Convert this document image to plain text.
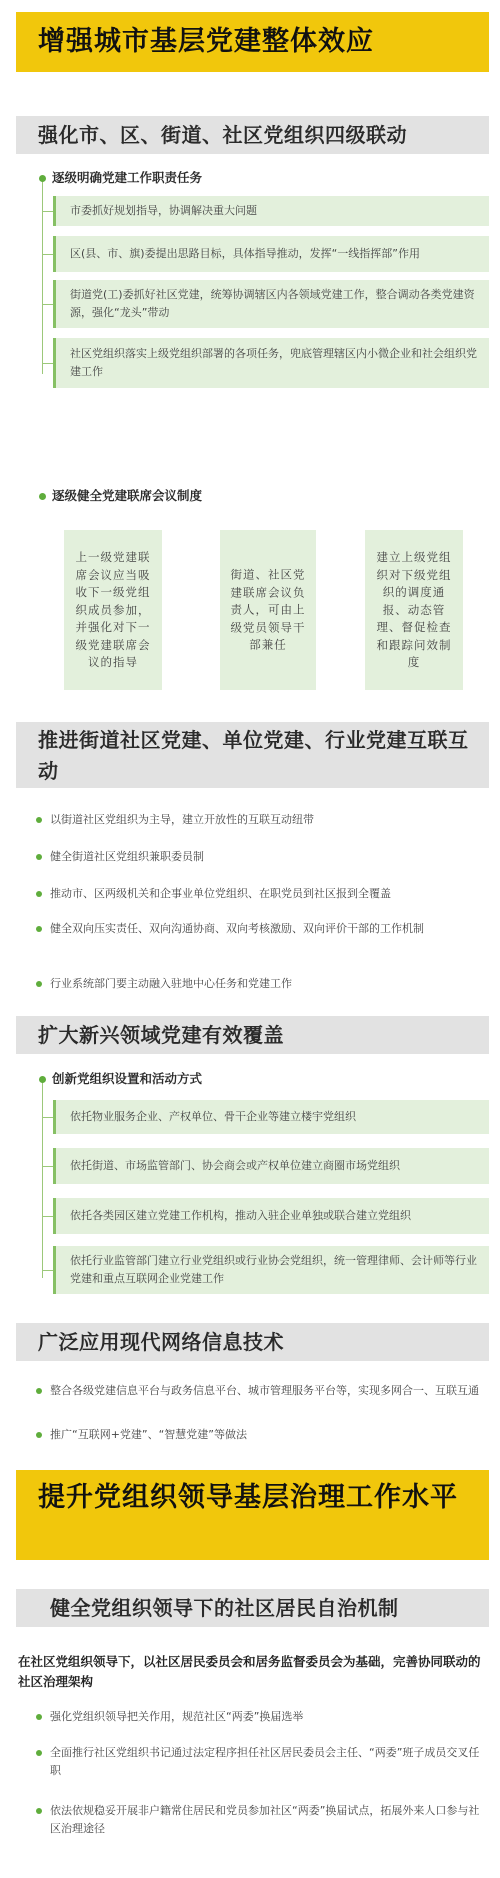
增强城市基层党建整体效应
强化市、区、街道、社区党组织四级联动
逐级明确党建工作职责任务
市委抓好规划指导，协调解决重大问题
区(县、市、旗)委提出思路目标，具体指导推动，发挥“一线指挥部”作用
街道党(工)委抓好社区党建，统筹协调辖区内各领域党建工作，整合调动各类党建资源，强化“龙头”带动
社区党组织落实上级党组织部署的各项任务，兜底管理辖区内小微企业和社会组织党建工作
逐级健全党建联席会议制度
上一级党建联席会议应当吸收下一级党组织成员参加，并强化对下一级党建联席会议的指导
街道、社区党建联席会议负责人，可由上级党员领导干部兼任
建立上级党组织对下级党组织的调度通报、动态管理、督促检查和跟踪问效制度
推进街道社区党建、单位党建、行业党建互联互动
以街道社区党组织为主导，建立开放性的互联互动纽带
健全街道社区党组织兼职委员制
推动市、区两级机关和企事业单位党组织、在职党员到社区报到全覆盖
健全双向压实责任、双向沟通协商、双向考核激励、双向评价干部的工作机制
行业系统部门要主动融入驻地中心任务和党建工作
扩大新兴领域党建有效覆盖
创新党组织设置和活动方式
依托物业服务企业、产权单位、骨干企业等建立楼宇党组织
依托街道、市场监管部门、协会商会或产权单位建立商圈市场党组织
依托各类园区建立党建工作机构，推动入驻企业单独或联合建立党组织
依托行业监管部门建立行业党组织或行业协会党组织，统一管理律师、会计师等行业党建和重点互联网企业党建工作
广泛应用现代网络信息技术
整合各级党建信息平台与政务信息平台、城市管理服务平台等，实现多网合一、互联互通
推广“互联网+党建”、“智慧党建”等做法
提升党组织领导基层治理工作水平
健全党组织领导下的社区居民自治机制
在社区党组织领导下，以社区居民委员会和居务监督委员会为基础，完善协同联动的社区治理架构
强化党组织领导把关作用，规范社区“两委”换届选举
全面推行社区党组织书记通过法定程序担任社区居民委员会主任、“两委”班子成员交叉任职
依法依规稳妥开展非户籍常住居民和党员参加社区“两委”换届试点，拓展外来人口参与社区治理途径
